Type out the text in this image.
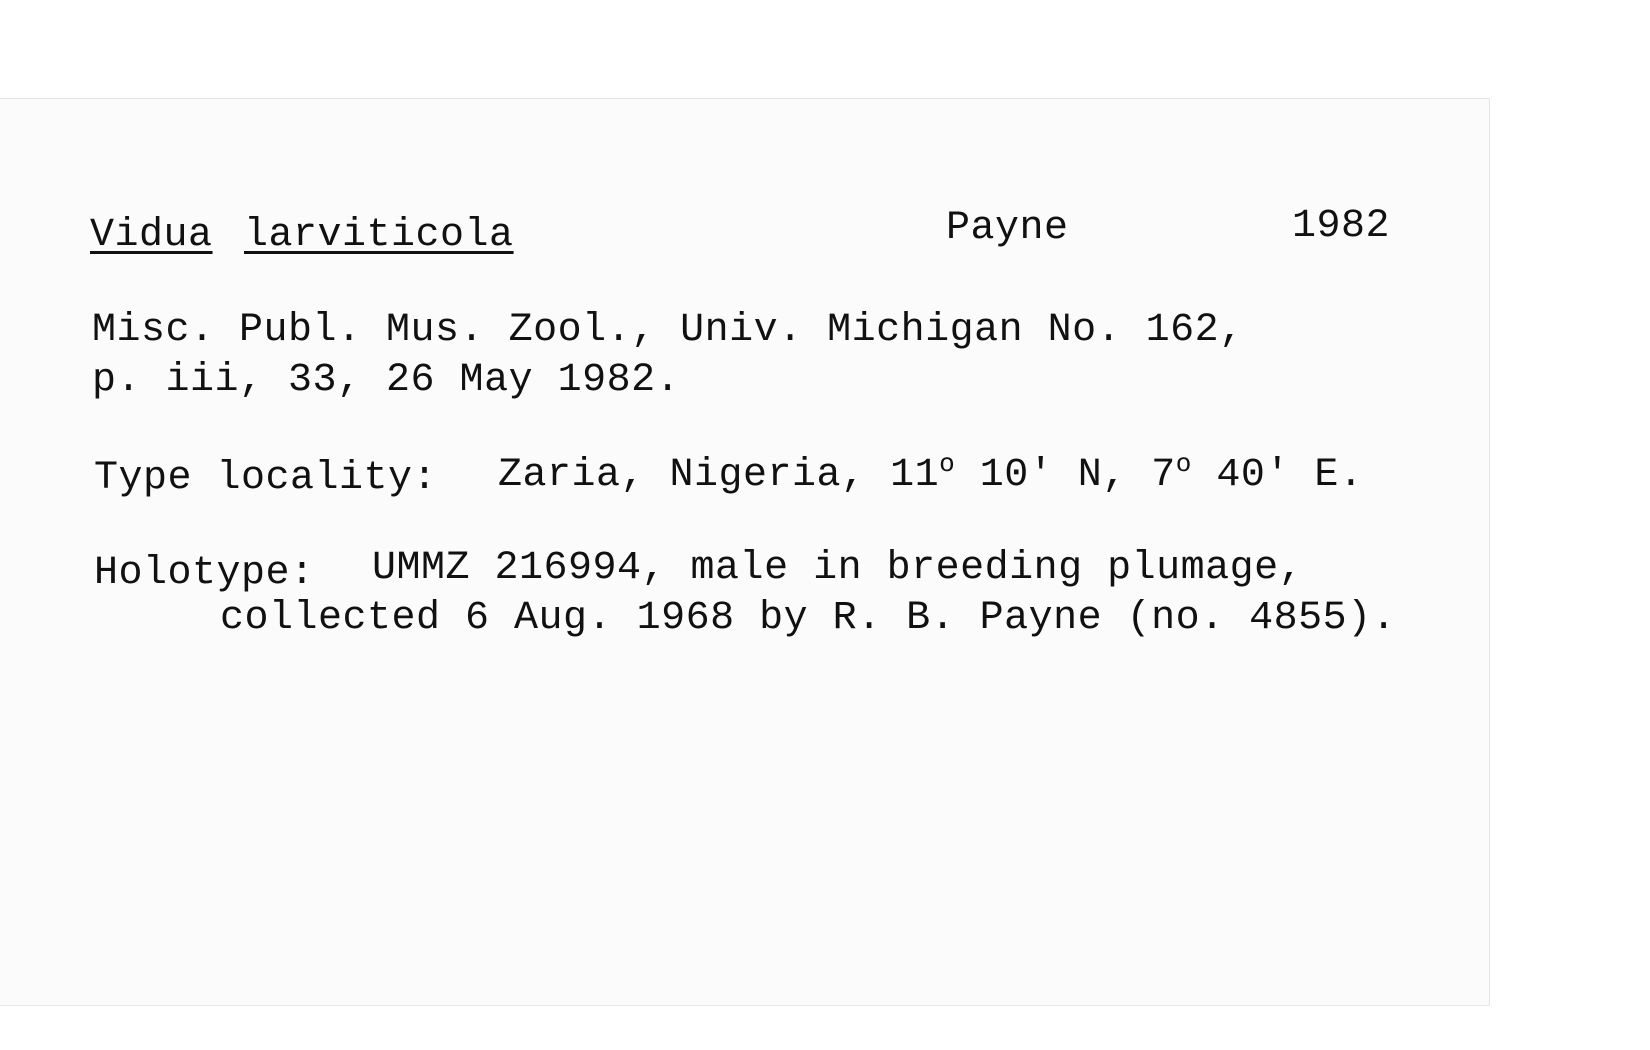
Vidua larviticola	Payne	1982
Misc. Publ. Mus. Zool., Univ. Michigan No. 162,
p. iii, 33, 26 May 1982.
Type locality: Zaria, Nigeria, 11$^o$ 10' N, 7$^o$ 40' E.
Holotype: UMMZ 216994, male in breeding plumage,
collected 6 Aug. 1968 by R. B. Payne (no. 4855).
